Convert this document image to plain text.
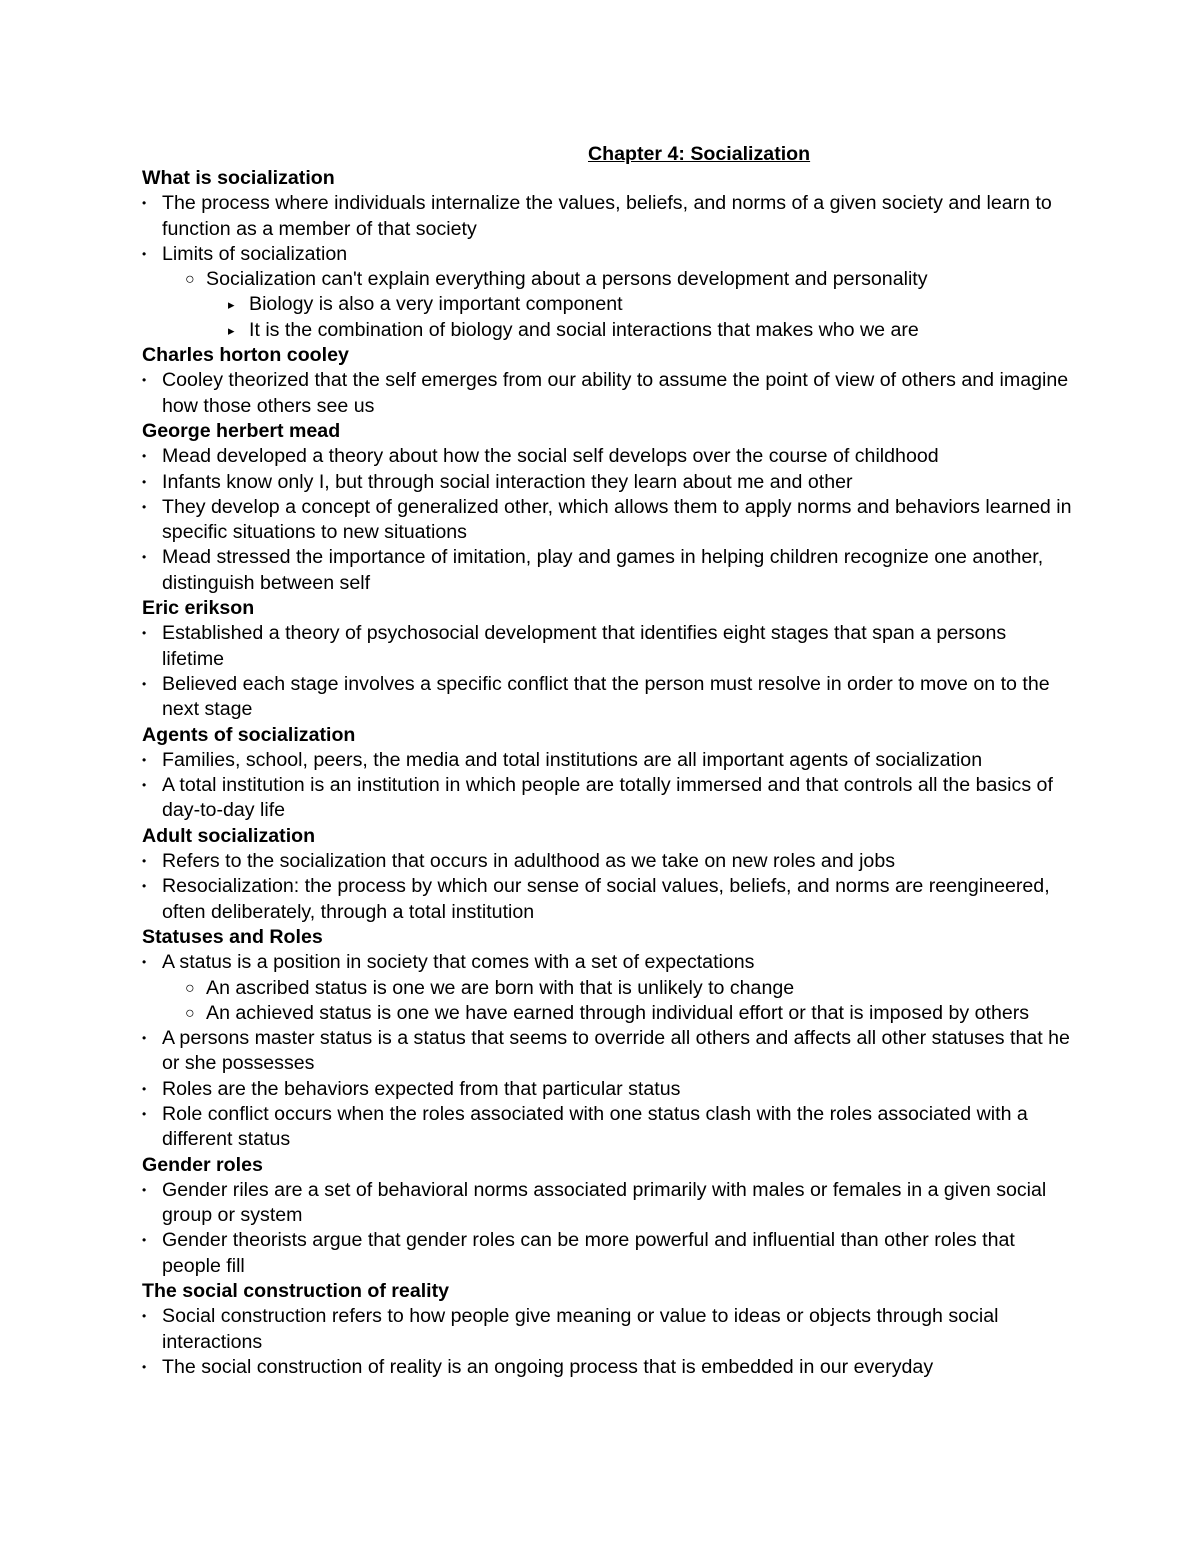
Chapter 4: Socialization
What is socialization
• The process where individuals internalize the values, beliefs, and norms of a given society and learn to function as a member of that society
• Limits of socialization
○ Socialization can't explain everything about a persons development and personality
▸ Biology is also a very important component
▸ It is the combination of biology and social interactions that makes who we are
Charles horton cooley
• Cooley theorized that the self emerges from our ability to assume the point of view of others and imagine how those others see us
George herbert mead
• Mead developed a theory about how the social self develops over the course of childhood
• Infants know only I, but through social interaction they learn about me and other
• They develop a concept of generalized other, which allows them to apply norms and behaviors learned in specific situations to new situations
• Mead stressed the importance of imitation, play and games in helping children recognize one another, distinguish between self
Eric erikson
• Established a theory of psychosocial development that identifies eight stages that span a persons lifetime
• Believed each stage involves a specific conflict that the person must resolve in order to move on to the next stage
Agents of socialization
• Families, school, peers, the media and total institutions are all important agents of socialization
• A total institution is an institution in which people are totally immersed and that controls all the basics of day-to-day life
Adult socialization
• Refers to the socialization that occurs in adulthood as we take on new roles and jobs
• Resocialization: the process by which our sense of social values, beliefs, and norms are reengineered, often deliberately, through a total institution
Statuses and Roles
• A status is a position in society that comes with a set of expectations
○ An ascribed status is one we are born with that is unlikely to change
○ An achieved status is one we have earned through individual effort or that is imposed by others
• A persons master status is a status that seems to override all others and affects all other statuses that he or she possesses
• Roles are the behaviors expected from that particular status
• Role conflict occurs when the roles associated with one status clash with the roles associated with a different status
Gender roles
• Gender riles are a set of behavioral norms associated primarily with males or females in a given social group or system
• Gender theorists argue that gender roles can be more powerful and influential than other roles that people fill
The social construction of reality
• Social construction refers to how people give meaning or value to ideas or objects through social interactions
• The social construction of reality is an ongoing process that is embedded in our everyday
